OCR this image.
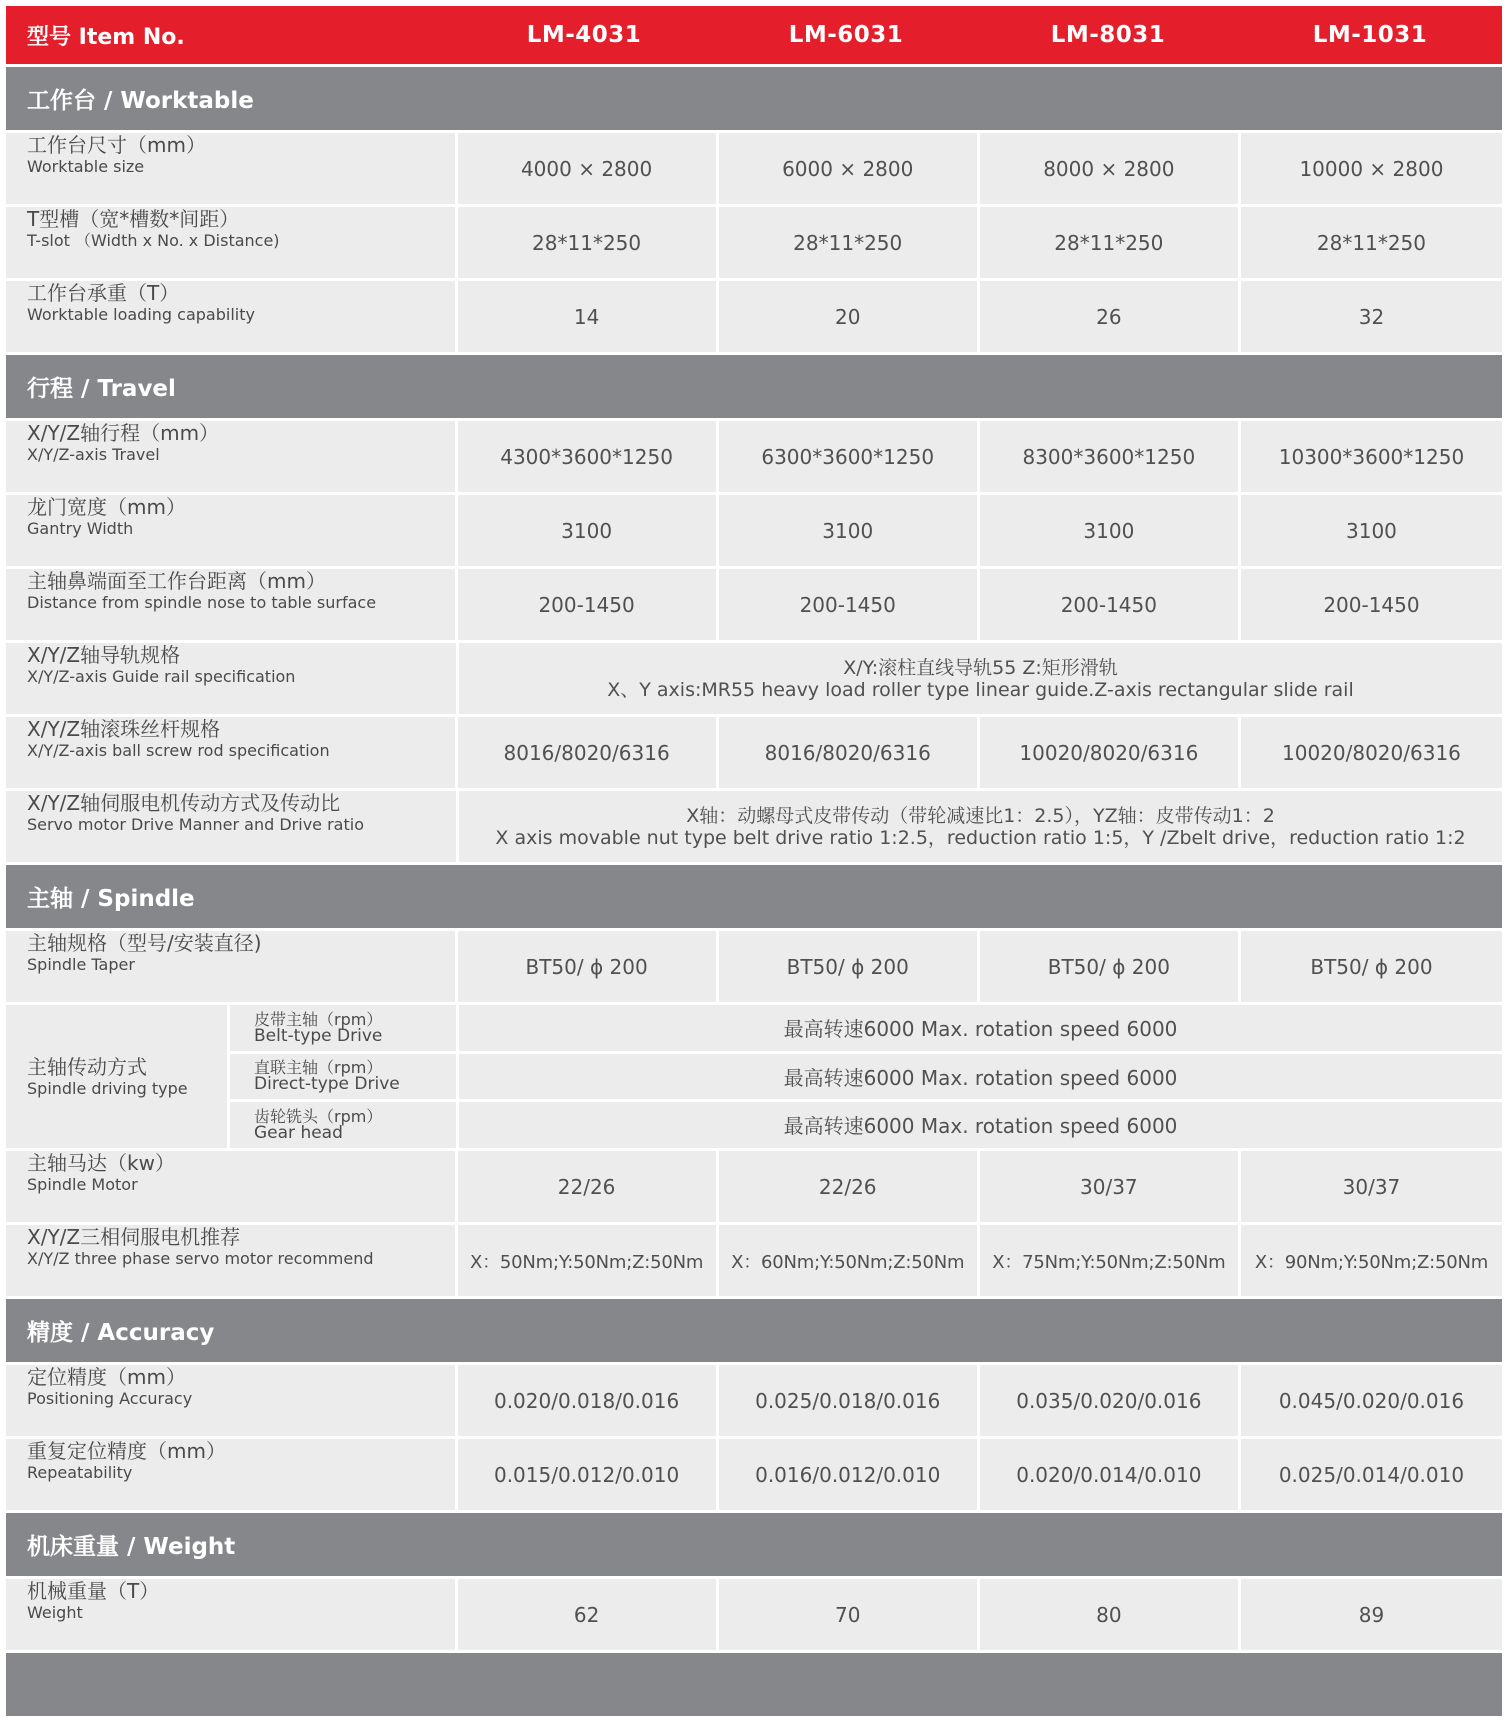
型号 Item No.	LM-4031	LM-6031	LM-8031	LM-1031
工作台 / Worktable
工作台尺寸（mm）
Worktable size	4000 × 2800	6000 × 2800	8000 × 2800	10000 × 2800
T型槽（宽*槽数*间距）
T-slot （Width x No. x Distance)	28*11*250	28*11*250	28*11*250	28*11*250
工作台承重（T）
Worktable loading capability	14	20	26	32
行程 / Travel
X/Y/Z轴行程（mm）
X/Y/Z-axis Travel	4300*3600*1250	6300*3600*1250	8300*3600*1250	10300*3600*1250
龙门宽度（mm）
Gantry Width	3100	3100	3100	3100
主轴鼻端面至工作台距离（mm）
Distance from spindle nose to table surface	200-1450	200-1450	200-1450	200-1450
X/Y/Z轴导轨规格
X/Y/Z-axis Guide rail specification	X/Y:滚柱直线导轨55 Z:矩形滑轨
X、Y axis:MR55 heavy load roller type linear guide.Z-axis rectangular slide rail
X/Y/Z轴滚珠丝杆规格
X/Y/Z-axis ball screw rod specification	8016/8020/6316	8016/8020/6316	10020/8020/6316	10020/8020/6316
X/Y/Z轴伺服电机传动方式及传动比
Servo motor Drive Manner and Drive ratio	X轴：动螺母式皮带传动（带轮减速比1：2.5），YZ轴：皮带传动1：2
X axis movable nut type belt drive ratio 1:2.5，reduction ratio 1:5，Y /Zbelt drive，reduction ratio 1:2
主轴 / Spindle
主轴规格（型号/安装直径)
Spindle Taper	BT50/ ϕ 200	BT50/ ϕ 200	BT50/ ϕ 200	BT50/ ϕ 200
主轴传动方式
Spindle driving type
皮带主轴（rpm）
Belt-type Drive	最高转速6000 Max. rotation speed 6000
直联主轴（rpm）
Direct-type Drive	最高转速6000 Max. rotation speed 6000
齿轮铣头（rpm）
Gear head	最高转速6000 Max. rotation speed 6000
主轴马达（kw）
Spindle Motor	22/26	22/26	30/37	30/37
X/Y/Z三相伺服电机推荐
X/Y/Z three phase servo motor recommend	X：50Nm;Y:50Nm;Z:50Nm	X：60Nm;Y:50Nm;Z:50Nm	X：75Nm;Y:50Nm;Z:50Nm	X：90Nm;Y:50Nm;Z:50Nm
精度 / Accuracy
定位精度（mm）
Positioning Accuracy	0.020/0.018/0.016	0.025/0.018/0.016	0.035/0.020/0.016	0.045/0.020/0.016
重复定位精度（mm）
Repeatability	0.015/0.012/0.010	0.016/0.012/0.010	0.020/0.014/0.010	0.025/0.014/0.010
机床重量 / Weight
机械重量（T）
Weight	62	70	80	89
